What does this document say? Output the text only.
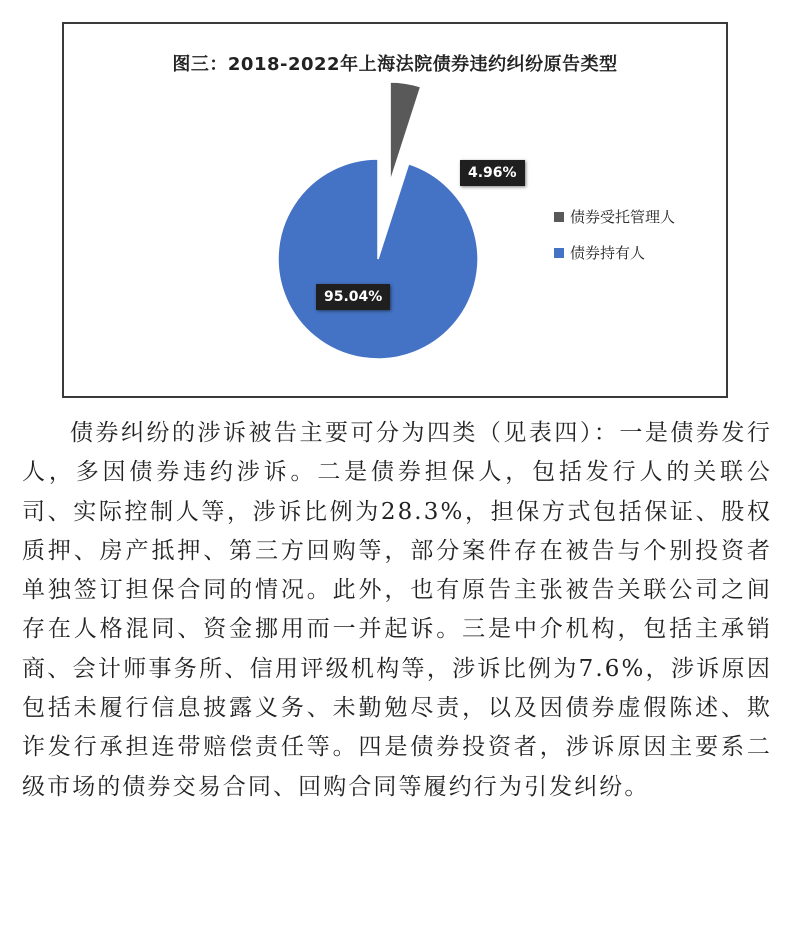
图三：2018-2022年上海法院债券违约纠纷原告类型
债券受托管理人
债券持有人
4.96%
95.04%

债券纠纷的涉诉被告主要可分为四类（见表四）：一是债券发行人，多因债券违约涉诉。二是债券担保人，包括发行人的关联公司、实际控制人等，涉诉比例为28.3%，担保方式包括保证、股权质押、房产抵押、第三方回购等，部分案件存在被告与个别投资者单独签订担保合同的情况。此外，也有原告主张被告关联公司之间存在人格混同、资金挪用而一并起诉。三是中介机构，包括主承销商、会计师事务所、信用评级机构等，涉诉比例为7.6%，涉诉原因包括未履行信息披露义务、未勤勉尽责，以及因债券虚假陈述、欺诈发行承担连带赔偿责任等。四是债券投资者，涉诉原因主要系二级市场的债券交易合同、回购合同等履约行为引发纠纷。
